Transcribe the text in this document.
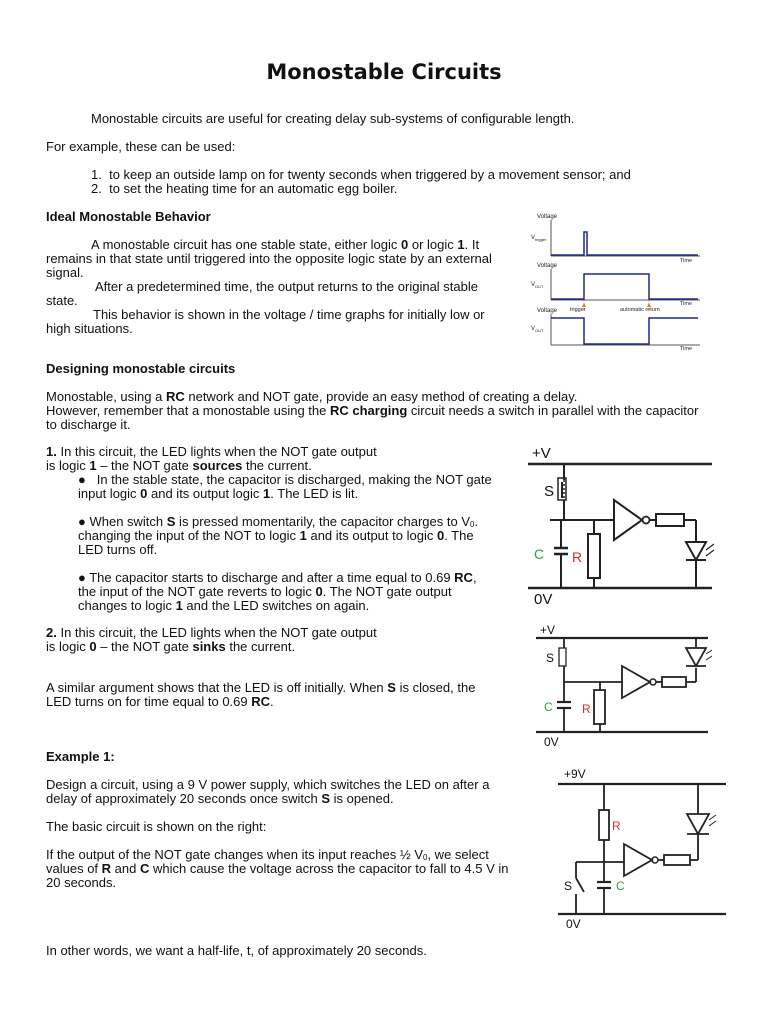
Monostable Circuits
Monostable circuits are useful for creating delay sub-systems of configurable length.
For example, these can be used:
1. to keep an outside lamp on for twenty seconds when triggered by a movement sensor; and
2. to set the heating time for an automatic egg boiler.
Ideal Monostable Behavior
A monostable circuit has one stable state, either logic 0 or logic 1. It
remains in that state until triggered into the opposite logic state by an external
signal.
After a predetermined time, the output returns to the original stable
state.
This behavior is shown in the voltage / time graphs for initially low or
high situations.
Voltage
$V_{trigger}$
Time
Voltage
$V_{OUT}$
Time
Voltage
$V_{OUT}$
Time
trigger	automatic return
Designing monostable circuits
Monostable, using a RC network and NOT gate, provide an easy method of creating a delay.
However, remember that a monostable using the RC charging circuit needs a switch in parallel with the capacitor
to discharge it.
1. In this circuit, the LED lights when the NOT gate output
is logic 1 – the NOT gate sources the current.
● In the stable state, the capacitor is discharged, making the NOT gate
input logic 0 and its output logic 1. The LED is lit.
● When switch S is pressed momentarily, the capacitor charges to $V_0$.
changing the input of the NOT to logic 1 and its output to logic 0. The
LED turns off.
● The capacitor starts to discharge and after a time equal to 0.69 RC,
the input of the NOT gate reverts to logic 0. The NOT gate output
changes to logic 1 and the LED switches on again.
+V
0V
S
C R
2. In this circuit, the LED lights when the NOT gate output
is logic 0 – the NOT gate sinks the current.
A similar argument shows that the LED is off initially. When S is closed, the
LED turns on for time equal to 0.69 RC.
+V
0V
S
C R
Example 1:
Design a circuit, using a 9 V power supply, which switches the LED on after a
delay of approximately 20 seconds once switch S is opened.
The basic circuit is shown on the right:
If the output of the NOT gate changes when its input reaches ½ $V_0$, we select
values of R and C which cause the voltage across the capacitor to fall to 4.5 V in
20 seconds.
In other words, we want a half-life, t, of approximately 20 seconds.
+9V
0V
R
S	C
